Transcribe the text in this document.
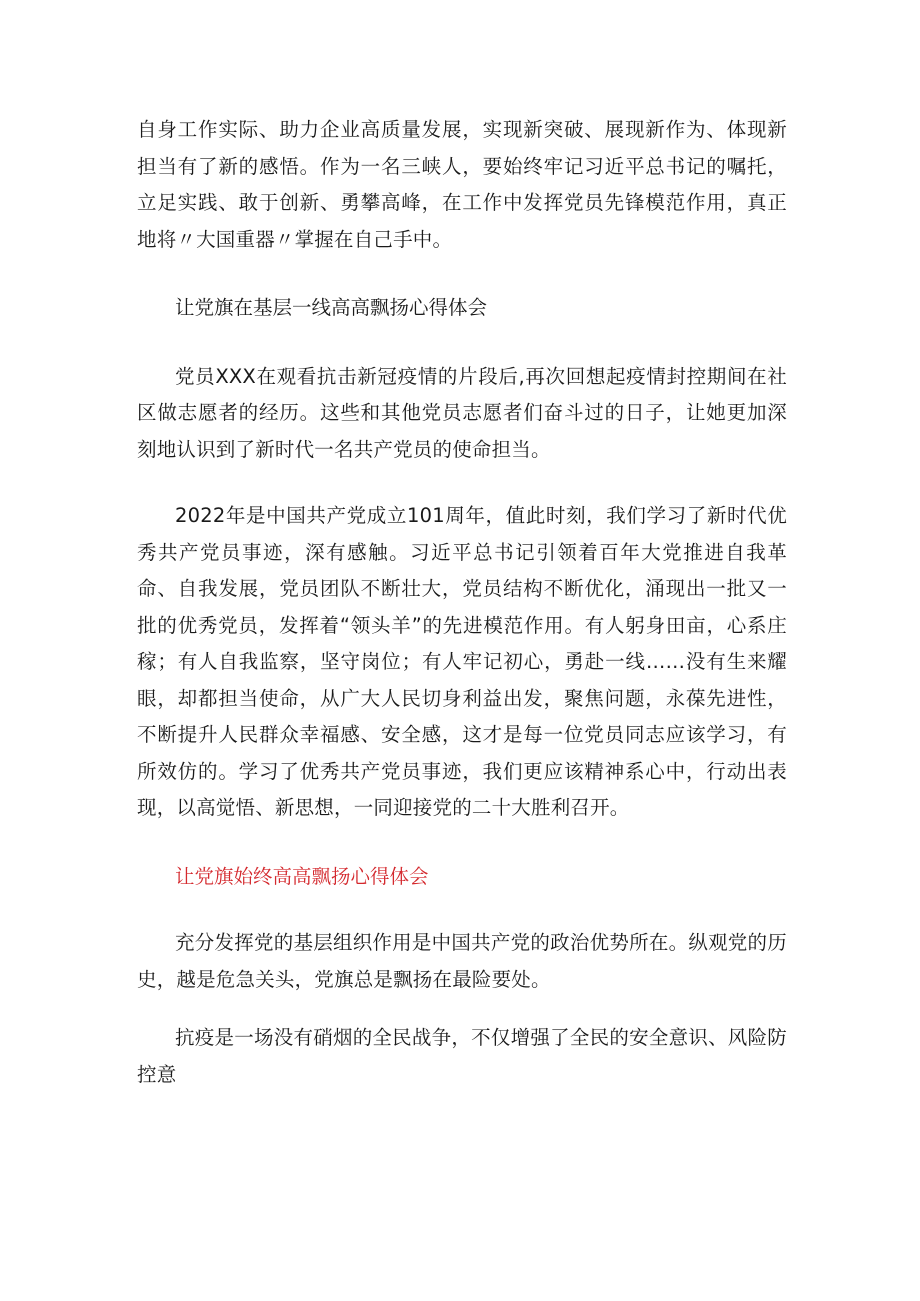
自身工作实际、助力企业高质量发展，实现新突破、展现新作为、体现新担当有了新的感悟。作为一名三峡人，要始终牢记习近平总书记的嘱托，立足实践、敢于创新、勇攀高峰，在工作中发挥党员先锋模范作用，真正地将〃大国重器〃掌握在自己手中。

让党旗在基层一线高高飘扬心得体会

党员XXX在观看抗击新冠疫情的片段后,再次回想起疫情封控期间在社区做志愿者的经历。这些和其他党员志愿者们奋斗过的日子，让她更加深刻地认识到了新时代一名共产党员的使命担当。

2022年是中国共产党成立101周年，值此时刻，我们学习了新时代优秀共产党员事迹，深有感触。习近平总书记引领着百年大党推进自我革命、自我发展，党员团队不断壮大，党员结构不断优化，涌现出一批又一批的优秀党员，发挥着“领头羊”的先进模范作用。有人躬身田亩，心系庄稼；有人自我监察，坚守岗位；有人牢记初心，勇赴一线……没有生来耀眼，却都担当使命，从广大人民切身利益出发，聚焦问题，永葆先进性，不断提升人民群众幸福感、安全感，这才是每一位党员同志应该学习，有所效仿的。学习了优秀共产党员事迹，我们更应该精神系心中，行动出表现，以高觉悟、新思想，一同迎接党的二十大胜利召开。

让党旗始终高高飘扬心得体会

充分发挥党的基层组织作用是中国共产党的政治优势所在。纵观党的历史，越是危急关头，党旗总是飘扬在最险要处。

抗疫是一场没有硝烟的全民战争，不仅增强了全民的安全意识、风险防控意
